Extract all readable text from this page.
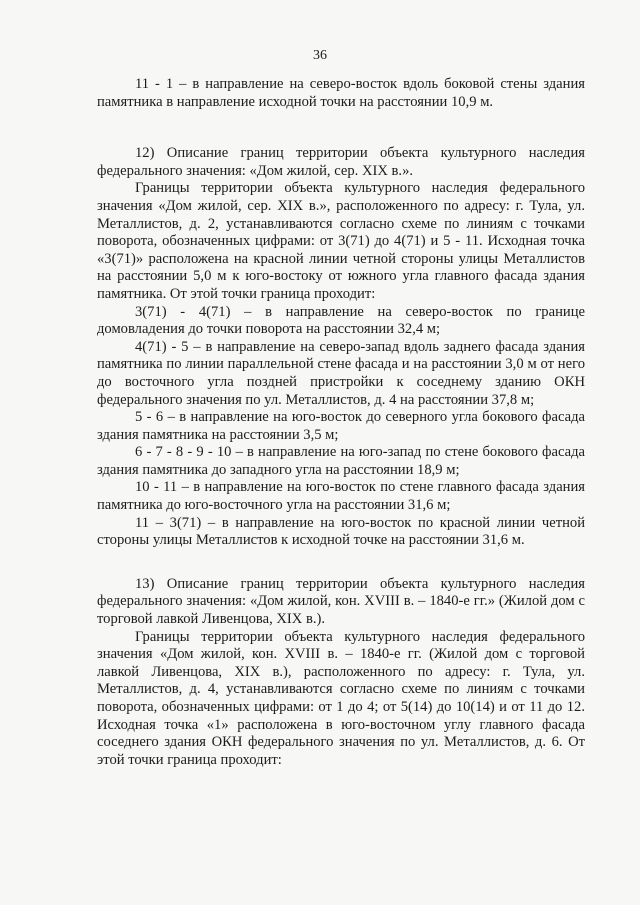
36

11 - 1 – в направление на северо-восток вдоль боковой стены здания памятника в направление исходной точки на расстоянии 10,9 м.

12) Описание границ территории объекта культурного наследия федерального значения: «Дом жилой, сер. XIX в.».

Границы территории объекта культурного наследия федерального значения «Дом жилой, сер. XIX в.», расположенного по адресу: г. Тула, ул. Металлистов, д. 2, устанавливаются согласно схеме по линиям с точками поворота, обозначенных цифрами: от 3(71) до 4(71) и 5 - 11. Исходная точка «3(71)» расположена на красной линии четной стороны улицы Металлистов на расстоянии 5,0 м к юго-востоку от южного угла главного фасада здания памятника. От этой точки граница проходит:

3(71) - 4(71) – в направление на северо-восток по границе домовладения до точки поворота на расстоянии 32,4 м;

4(71) - 5 – в направление на северо-запад вдоль заднего фасада здания памятника по линии параллельной стене фасада и на расстоянии 3,0 м от него до восточного угла поздней пристройки к соседнему зданию ОКН федерального значения по ул. Металлистов, д. 4 на расстоянии 37,8 м;

5 - 6 – в направление на юго-восток до северного угла бокового фасада здания памятника на расстоянии 3,5 м;

6 - 7 - 8 - 9 - 10 – в направление на юго-запад по стене бокового фасада здания памятника до западного угла на расстоянии 18,9 м;

10 - 11 – в направление на юго-восток по стене главного фасада здания памятника до юго-восточного угла на расстоянии 31,6 м;

11 – 3(71) – в направление на юго-восток по красной линии четной стороны улицы Металлистов к исходной точке на расстоянии 31,6 м.

13) Описание границ территории объекта культурного наследия федерального значения: «Дом жилой, кон. XVIII в. – 1840-е гг.» (Жилой дом с торговой лавкой Ливенцова, XIX в.).

Границы территории объекта культурного наследия федерального значения «Дом жилой, кон. XVIII в. – 1840-е гг. (Жилой дом с торговой лавкой Ливенцова, XIX в.), расположенного по адресу: г. Тула, ул. Металлистов, д. 4, устанавливаются согласно схеме по линиям с точками поворота, обозначенных цифрами: от 1 до 4; от 5(14) до 10(14) и от 11 до 12. Исходная точка «1» расположена в юго-восточном углу главного фасада соседнего здания ОКН федерального значения по ул. Металлистов, д. 6. От этой точки граница проходит:
